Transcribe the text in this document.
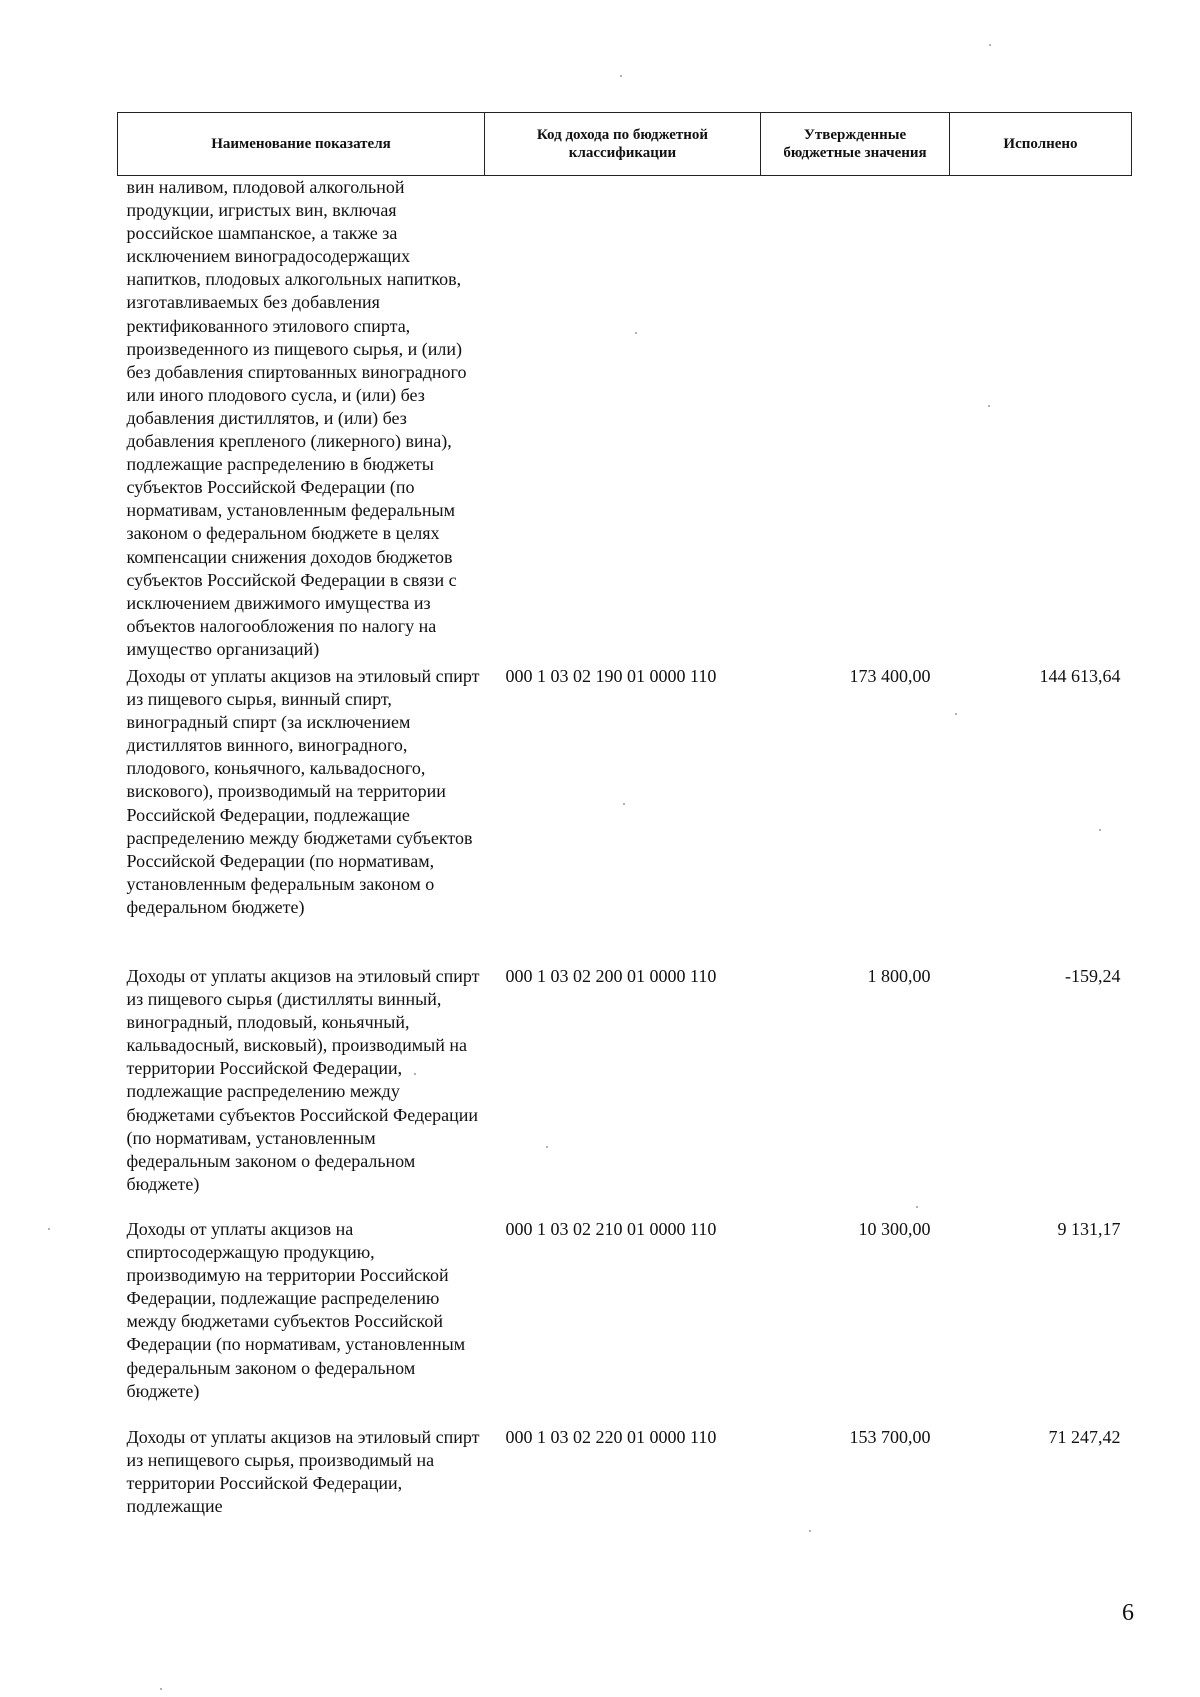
Наименование показателя	Код дохода по бюджетной классификации	Утвержденные бюджетные значения	Исполнено
вин наливом, плодовой алкогольной продукции, игристых вин, включая российское шампанское, а также за исключением виноградосодержащих напитков, плодовых алкогольных напитков, изготавливаемых без добавления ректификованного этилового спирта, произведенного из пищевого сырья, и (или) без добавления спиртованных виноградного или иного плодового сусла, и (или) без добавления дистиллятов, и (или) без добавления крепленого (ликерного) вина), подлежащие распределению в бюджеты субъектов Российской Федерации (по нормативам, установленным федеральным законом о федеральном бюджете в целях компенсации снижения доходов бюджетов субъектов Российской Федерации в связи с исключением движимого имущества из объектов налогообложения по налогу на имущество организаций)			
Доходы от уплаты акцизов на этиловый спирт из пищевого сырья, винный спирт, виноградный спирт (за исключением дистиллятов винного, виноградного, плодового, коньячного, кальвадосного, вискового), производимый на территории Российской Федерации, подлежащие распределению между бюджетами субъектов Российской Федерации (по нормативам, установленным федеральным законом о федеральном бюджете)	000 1 03 02 190 01 0000 110	173 400,00	144 613,64
Доходы от уплаты акцизов на этиловый спирт из пищевого сырья (дистилляты винный, виноградный, плодовый, коньячный, кальвадосный, висковый), производимый на территории Российской Федерации, подлежащие распределению между бюджетами субъектов Российской Федерации (по нормативам, установленным федеральным законом о федеральном бюджете)	000 1 03 02 200 01 0000 110	1 800,00	-159,24
Доходы от уплаты акцизов на спиртосодержащую продукцию, производимую на территории Российской Федерации, подлежащие распределению между бюджетами субъектов Российской Федерации (по нормативам, установленным федеральным законом о федеральном бюджете)	000 1 03 02 210 01 0000 110	10 300,00	9 131,17
Доходы от уплаты акцизов на этиловый спирт из непищевого сырья, производимый на территории Российской Федерации, подлежащие	000 1 03 02 220 01 0000 110	153 700,00	71 247,42
6
